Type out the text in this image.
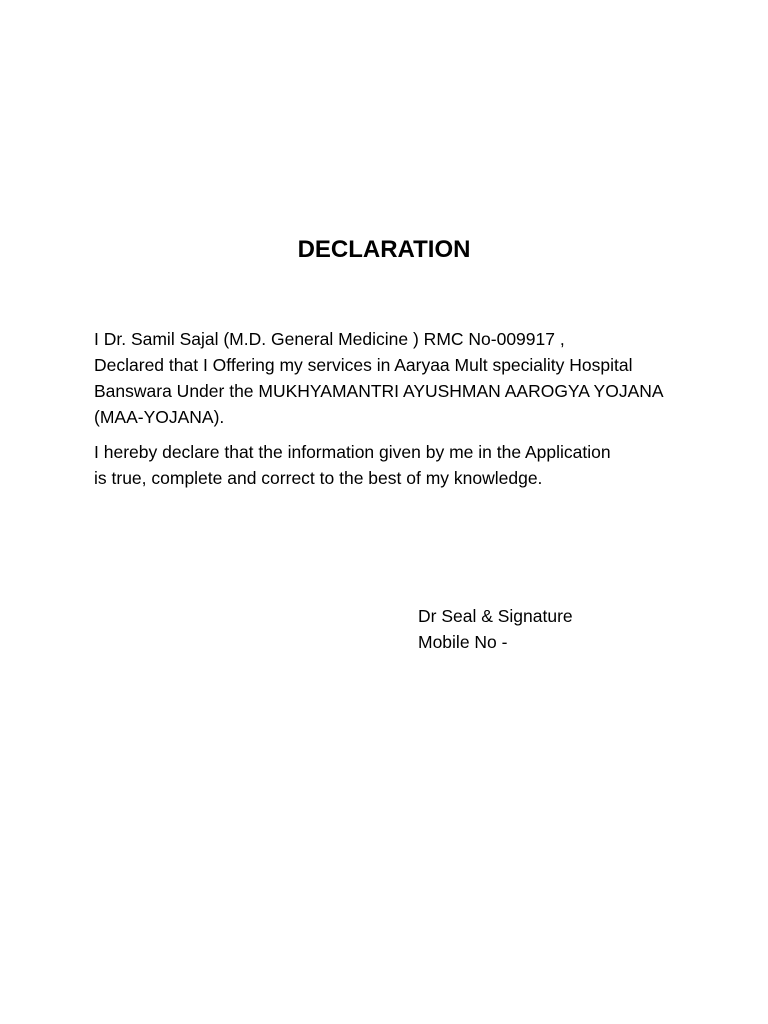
DECLARATION

I Dr. Samil Sajal (M.D. General Medicine ) RMC No-009917 ,
Declared that I Offering my services in Aaryaa Mult speciality Hospital
Banswara Under the MUKHYAMANTRI AYUSHMAN AAROGYA YOJANA
(MAA-YOJANA).

I hereby declare that the information given by me in the Application
is true, complete and correct to the best of my knowledge.

Dr Seal & Signature
Mobile No -
